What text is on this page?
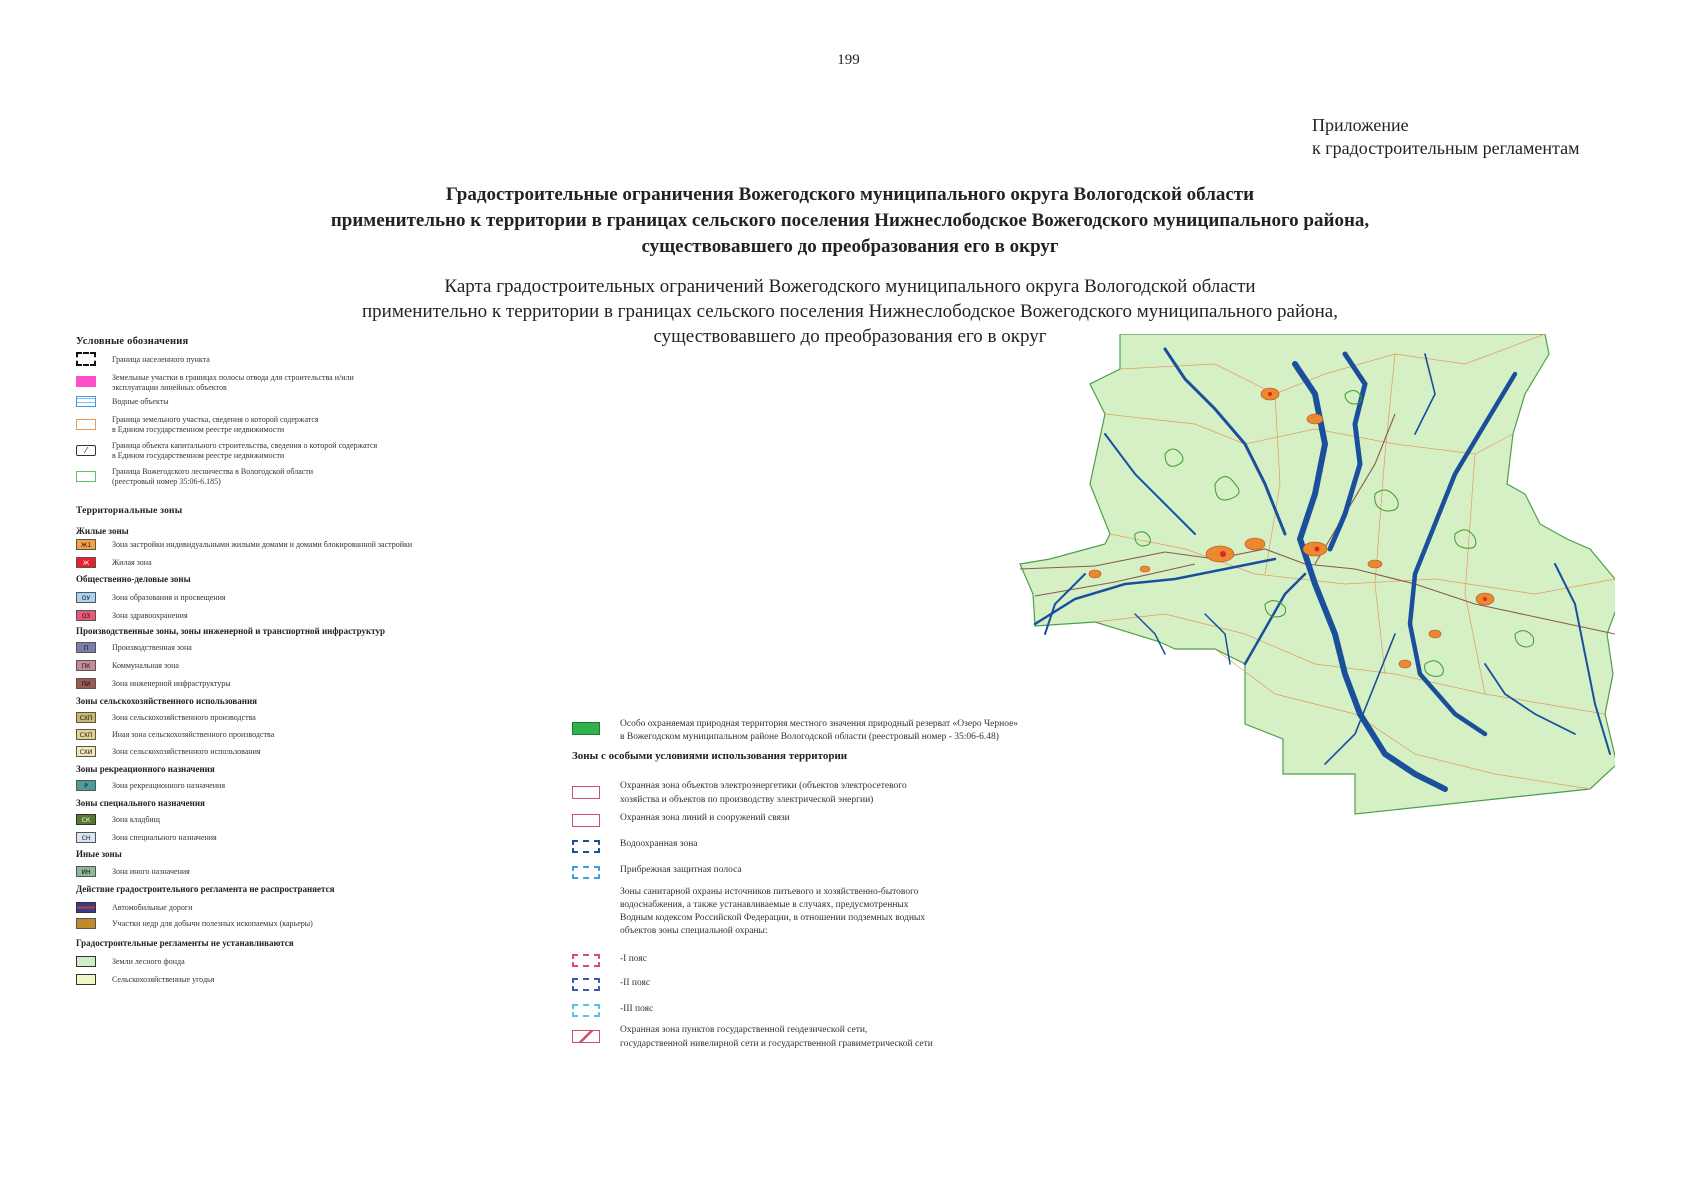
199
Приложение
к градостроительным регламентам
Градостроительные ограничения Вожегодского муниципального округа Вологодской области
применительно к территории в границах сельского поселения Нижнеслободское Вожегодского муниципального района,
существовавшего до преобразования его в округ
Карта градостроительных ограничений Вожегодского муниципального округа Вологодской области
применительно к территории в границах сельского поселения Нижнеслободское Вожегодского муниципального района,
существовавшего до преобразования его в округ
Условные обозначения
Граница населенного пункта
Земельные участки в границах полосы отвода для строительства и/или
эксплуатации линейных объектов
Водные объекты
Граница земельного участка, сведения о которой содержатся
в Едином государственном реестре недвижимости
⁄
Граница объекта капитального строительства, сведения о которой содержатся
в Едином государственном реестре недвижимости
Граница Вожегодского лесничества в Вологодской области
(реестровый номер 35:06-6.185)
Территориальные зоны
Жилые зоны
Ж1	Зона застройки индивидуальными жилыми домами и домами блокированной застройки
Ж	Жилая зона
Общественно-деловые зоны
ОУ	Зона образования и просвещения
ОЗ	Зона здравоохранения
Производственные зоны, зоны инженерной и транспортной инфраструктур
П	Производственная зона
ПК	Коммунальная зона
ПИ	Зона инженерной инфраструктуры
Зоны сельскохозяйственного использования
СХП	Зона сельскохозяйственного производства
СХП	Иная зона сельскохозяйственного производства
СХИ	Зона сельскохозяйственного использования
Зоны рекреационного назначения
Р	Зона рекреационного назначения
Зоны специального назначения
СК	Зона кладбищ
СН	Зона специального назначения
Иные зоны
ИН	Зона иного назначения
Действие градостроительного регламента не распространяется
Автомобильные дороги
Участки недр для добычи полезных ископаемых (карьеры)
Градостроительные регламенты не устанавливаются
Земли лесного фонда
Сельскохозяйственные угодья
Особо охраняемая природная территория местного значения природный резерват «Озеро Черное»
в Вожегодском муниципальном районе Вологодской области (реестровый номер - 35:06-6.48)
Зоны с особыми условиями использования территории
Охранная зона объектов электроэнергетики (объектов электросетевого
хозяйства и объектов по производству электрической энергии)
Охранная зона линий и сооружений связи
Водоохранная зона
Прибрежная защитная полоса
Зоны санитарной охраны источников питьевого и хозяйственно-бытового
водоснабжения, а также устанавливаемые в случаях, предусмотренных
Водным кодексом Российской Федерации, в отношении подземных водных
объектов зоны специальной охраны:
-I пояс
-II пояс
-III пояс
Охранная зона пунктов государственной геодезической сети,
государственной нивелирной сети и государственной гравиметрической сети
